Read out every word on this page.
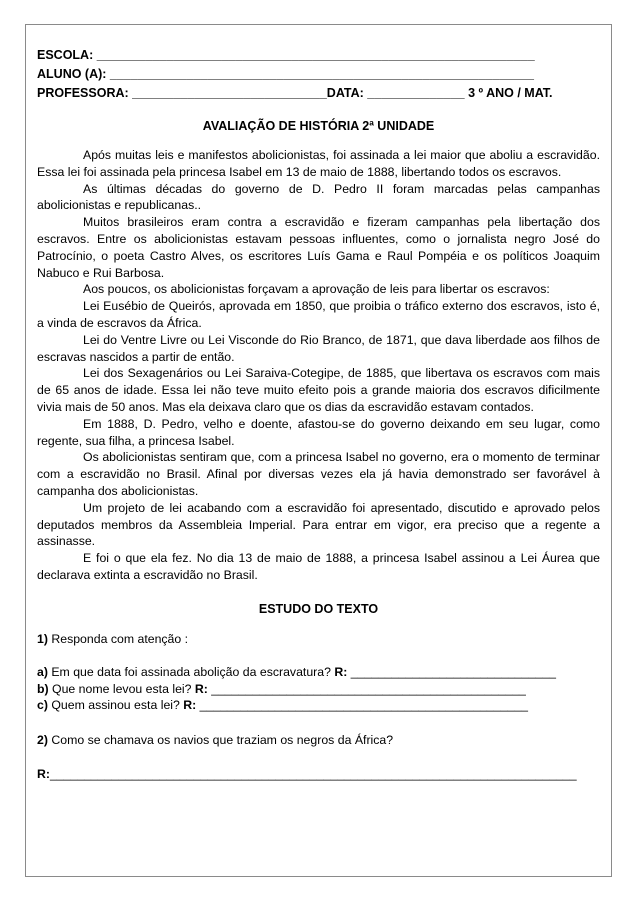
ESCOLA: _______________________________________________________________
ALUNO (A): _____________________________________________________________
PROFESSORA: ____________________________DATA: ______________ 3 º ANO / MAT.
AVALIAÇÃO DE HISTÓRIA 2ª UNIDADE

Após muitas leis e manifestos abolicionistas, foi assinada a lei maior que aboliu a escravidão. Essa lei foi assinada pela princesa Isabel em 13 de maio de 1888, libertando todos os escravos.

As últimas décadas do governo de D. Pedro II foram marcadas pelas campanhas abolicionistas e republicanas..

Muitos brasileiros eram contra a escravidão e fizeram campanhas pela libertação dos escravos. Entre os abolicionistas estavam pessoas influentes, como o jornalista negro José do Patrocínio, o poeta Castro Alves, os escritores Luís Gama e Raul Pompéia e os políticos Joaquim Nabuco e Rui Barbosa.

Aos poucos, os abolicionistas forçavam a aprovação de leis para libertar os escravos:

Lei Eusébio de Queirós, aprovada em 1850, que proibia o tráfico externo dos escravos, isto é, a vinda de escravos da África.

Lei do Ventre Livre ou Lei Visconde do Rio Branco, de 1871, que dava liberdade aos filhos de escravas nascidos a partir de então.

Lei dos Sexagenários ou Lei Saraiva-Cotegipe, de 1885, que libertava os escravos com mais de 65 anos de idade. Essa lei não teve muito efeito pois a grande maioria dos escravos dificilmente vivia mais de 50 anos. Mas ela deixava claro que os dias da escravidão estavam contados.

Em 1888, D. Pedro, velho e doente, afastou-se do governo deixando em seu lugar, como regente, sua filha, a princesa Isabel.

Os abolicionistas sentiram que, com a princesa Isabel no governo, era o momento de terminar com a escravidão no Brasil. Afinal por diversas vezes ela já havia demonstrado ser favorável à campanha dos abolicionistas.

Um projeto de lei acabando com a escravidão foi apresentado, discutido e aprovado pelos deputados membros da Assembleia Imperial. Para entrar em vigor, era preciso que a regente a assinasse.

E foi o que ela fez. No dia 13 de maio de 1888, a princesa Isabel assinou a Lei Áurea que declarava extinta a escravidão no Brasil.

ESTUDO DO TEXTO
1) Responda com atenção :
a) Em que data foi assinada abolição da escravatura? R: ______________________________
b) Que nome levou esta lei? R: ______________________________________________
c) Quem assinou esta lei? R: ________________________________________________
2) Como se chamava os navios que traziam os negros da África?
R:_____________________________________________________________________________
